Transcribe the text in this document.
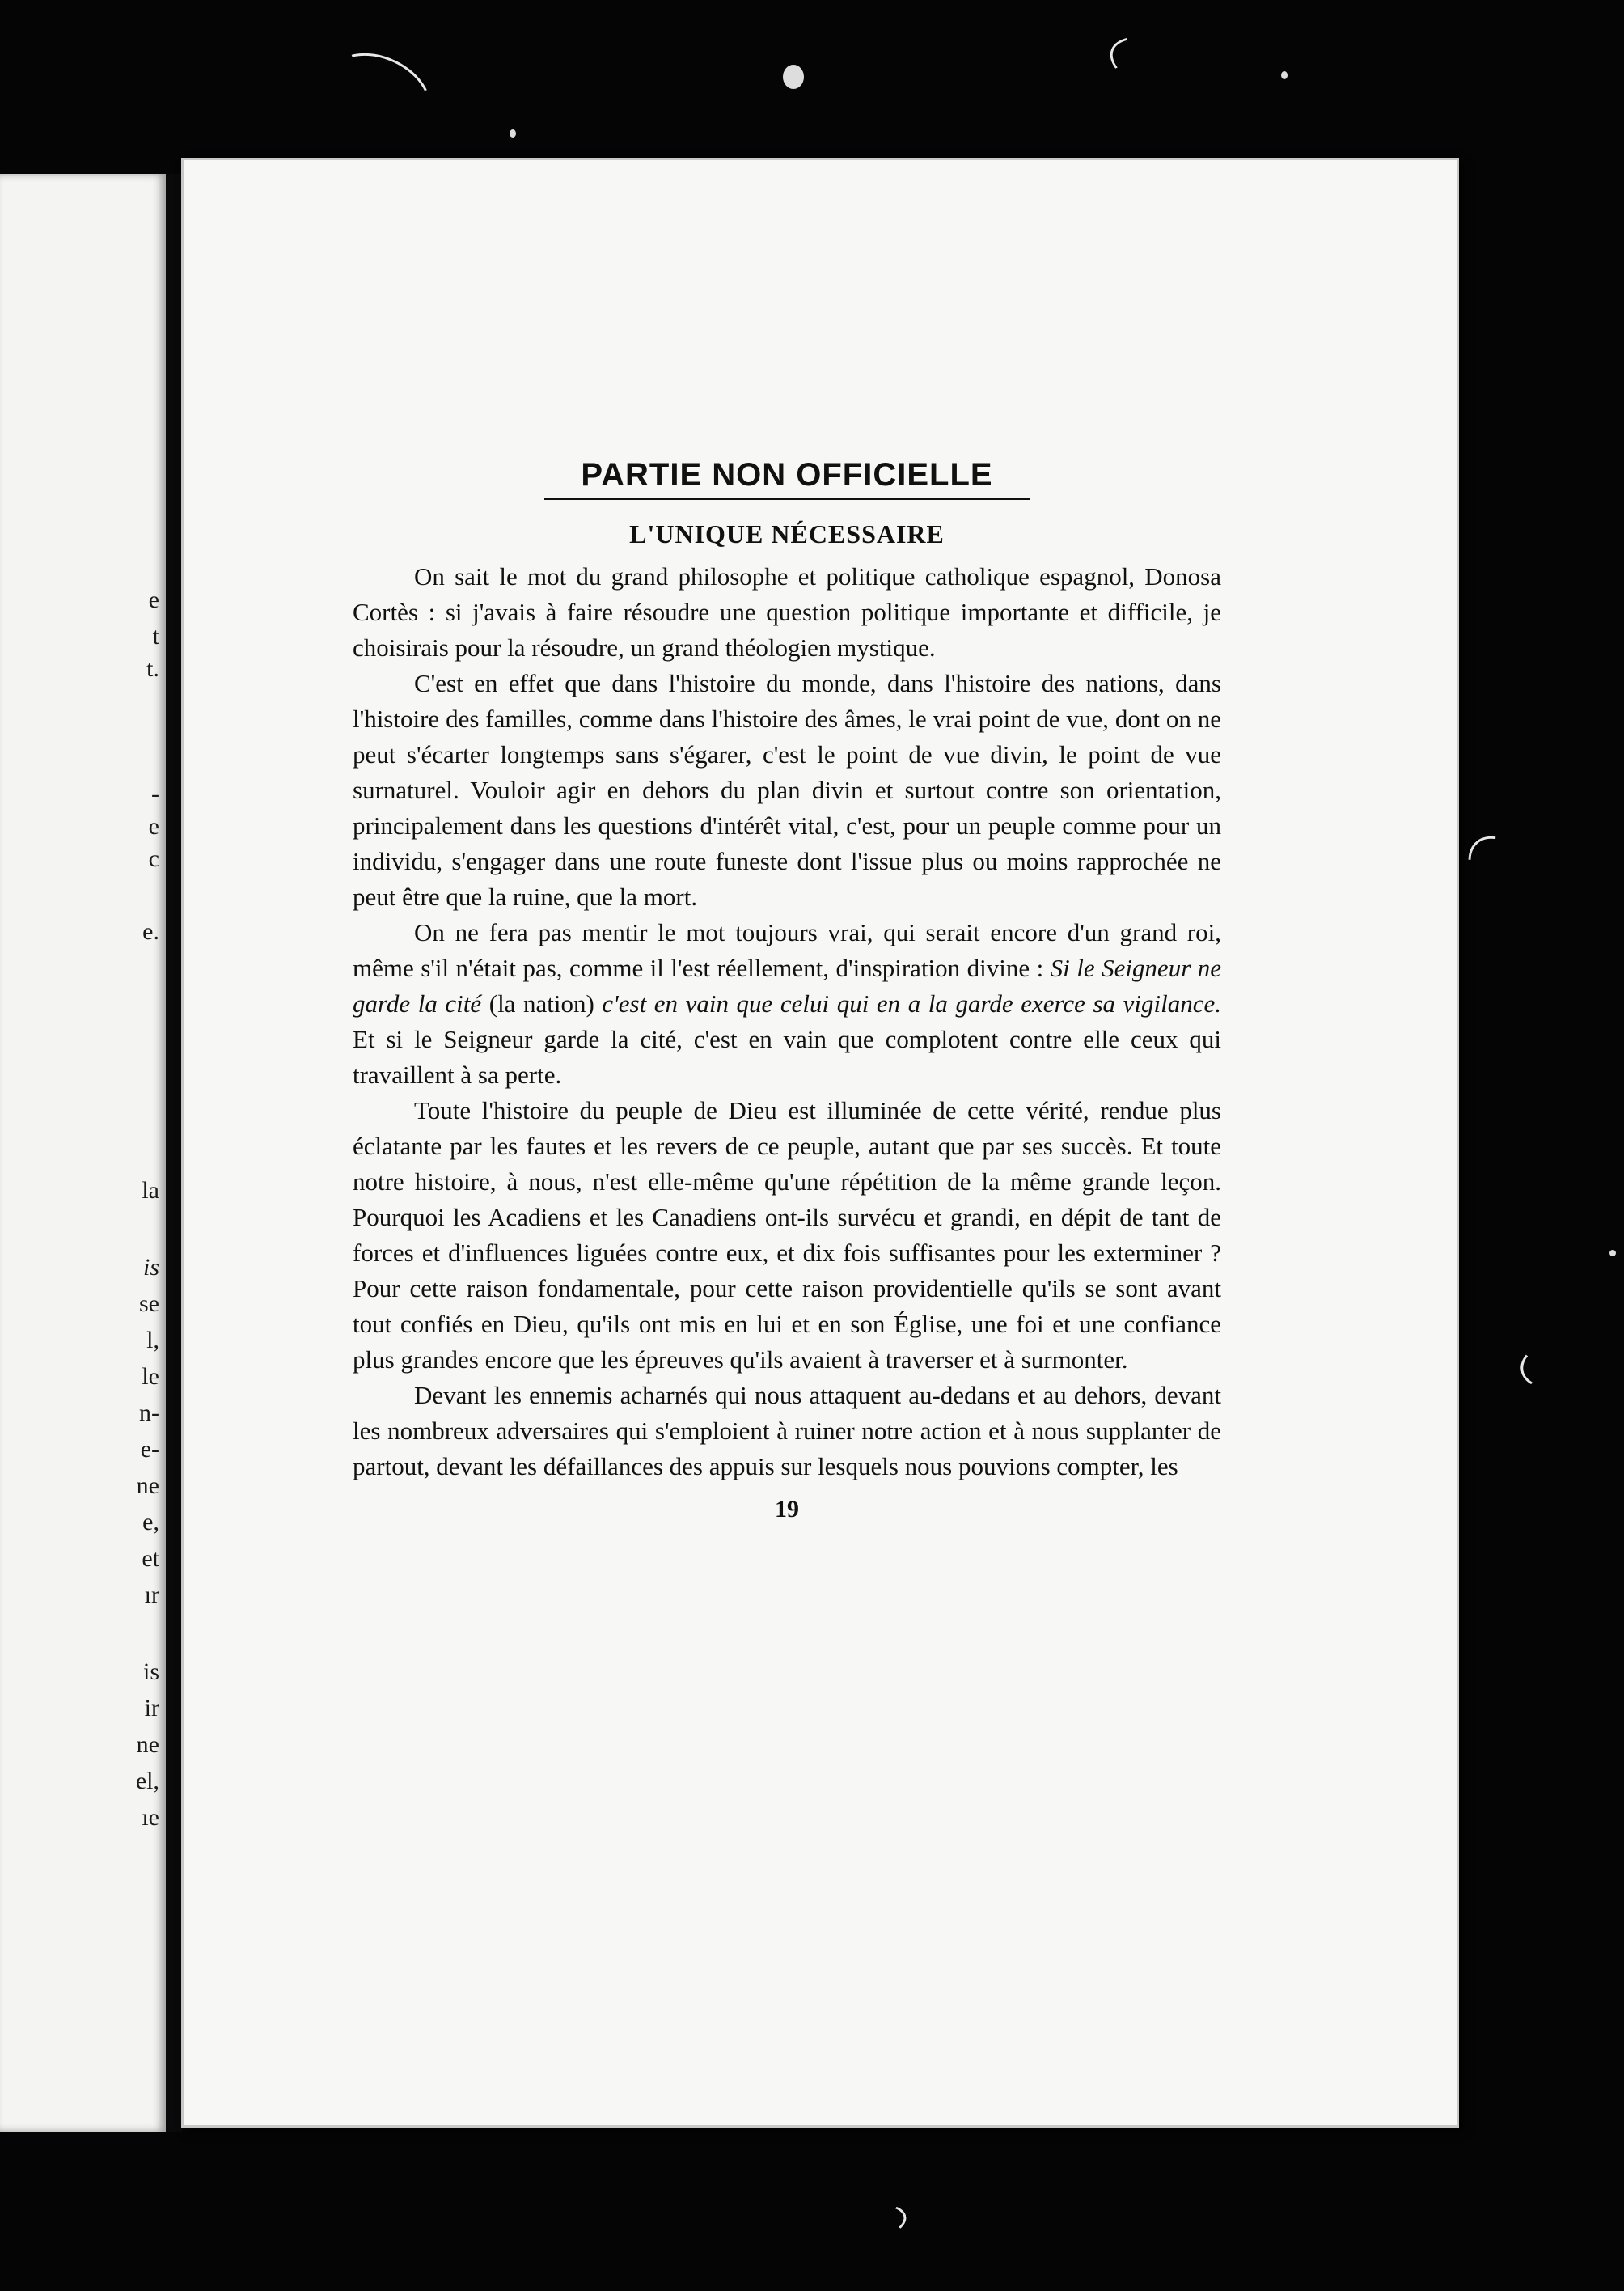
e

t

t.

-

e

c

e.

la

is

se

l,

le

n-

e-

ne

e,

et

ır

is

ir

ne

el,

ıe

PARTIE NON OFFICIELLE
L'UNIQUE NÉCESSAIRE

On sait le mot du grand philosophe et politique catholique espagnol, Donosa Cortès : si j'avais à faire résoudre une question politique importante et difficile, je choisirais pour la résoudre, un grand théologien mystique.

C'est en effet que dans l'histoire du monde, dans l'histoire des nations, dans l'histoire des familles, comme dans l'histoire des âmes, le vrai point de vue, dont on ne peut s'écarter longtemps sans s'égarer, c'est le point de vue divin, le point de vue surnaturel. Vouloir agir en dehors du plan divin et surtout contre son orientation, principalement dans les questions d'intérêt vital, c'est, pour un peuple comme pour un individu, s'engager dans une route funeste dont l'issue plus ou moins rapprochée ne peut être que la ruine, que la mort.

On ne fera pas mentir le mot toujours vrai, qui serait encore d'un grand roi, même s'il n'était pas, comme il l'est réellement, d'inspiration divine : Si le Seigneur ne garde la cité (la nation) c'est en vain que celui qui en a la garde exerce sa vigilance. Et si le Seigneur garde la cité, c'est en vain que complotent contre elle ceux qui travaillent à sa perte.

Toute l'histoire du peuple de Dieu est illuminée de cette vérité, rendue plus éclatante par les fautes et les revers de ce peuple, autant que par ses succès. Et toute notre histoire, à nous, n'est elle-même qu'une répétition de la même grande leçon. Pourquoi les Acadiens et les Canadiens ont-ils survécu et grandi, en dépit de tant de forces et d'influences liguées contre eux, et dix fois suffisantes pour les exterminer ? Pour cette raison fondamentale, pour cette raison providentielle qu'ils se sont avant tout confiés en Dieu, qu'ils ont mis en lui et en son Église, une foi et une confiance plus grandes encore que les épreuves qu'ils avaient à traverser et à surmonter.

Devant les ennemis acharnés qui nous attaquent au-dedans et au dehors, devant les nombreux adversaires qui s'emploient à ruiner notre action et à nous supplanter de partout, devant les défaillances des appuis sur lesquels nous pouvions compter, les

19
